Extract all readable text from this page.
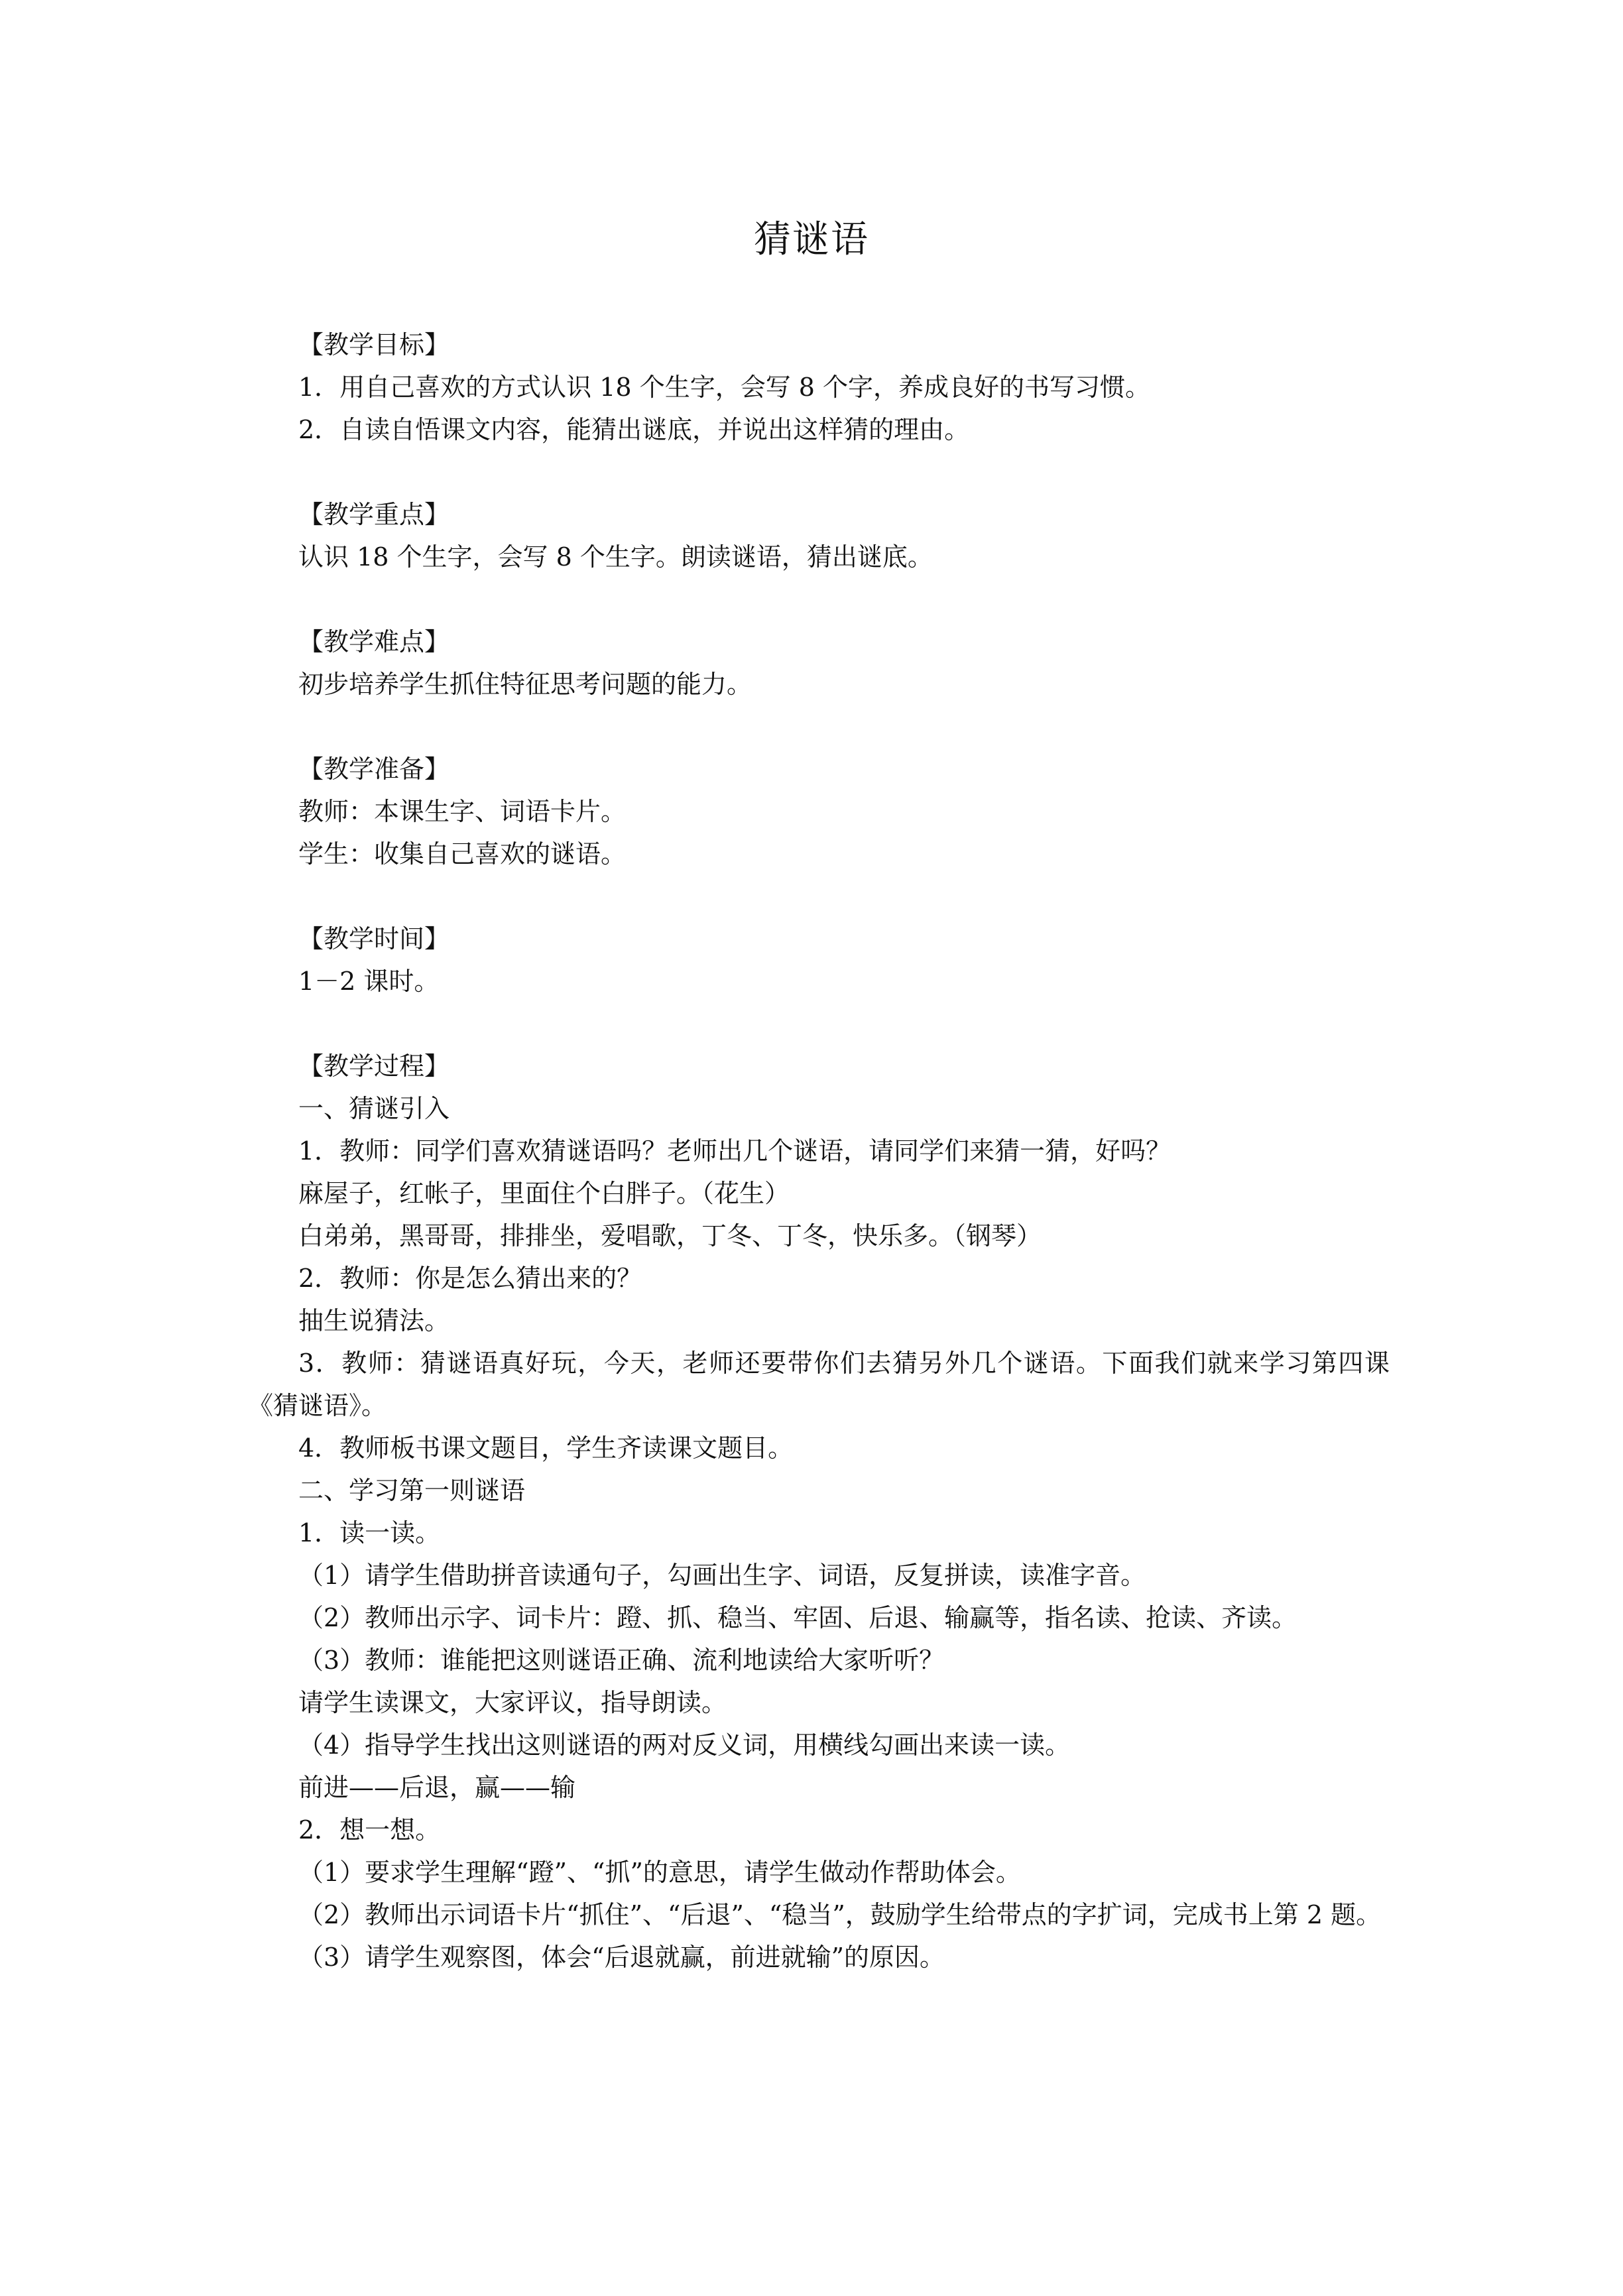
猜谜语

【教学目标】

1．用自己喜欢的方式认识 18 个生字，会写 8 个字，养成良好的书写习惯。

2．自读自悟课文内容，能猜出谜底，并说出这样猜的理由。

【教学重点】

认识 18 个生字，会写 8 个生字。朗读谜语，猜出谜底。

【教学难点】

初步培养学生抓住特征思考问题的能力。

【教学准备】

教师：本课生字、词语卡片。

学生：收集自己喜欢的谜语。

【教学时间】

1－2 课时。

【教学过程】

一、猜谜引入

1．教师：同学们喜欢猜谜语吗？老师出几个谜语，请同学们来猜一猜，好吗？

麻屋子，红帐子，里面住个白胖子。（花生）

白弟弟，黑哥哥，排排坐，爱唱歌，丁冬、丁冬，快乐多。（钢琴）

2．教师：你是怎么猜出来的？

抽生说猜法。

3．教师：猜谜语真好玩，今天，老师还要带你们去猜另外几个谜语。下面我们就来学习第四课《猜谜语》。

4．教师板书课文题目，学生齐读课文题目。

二、学习第一则谜语

1．读一读。

（1）请学生借助拼音读通句子，勾画出生字、词语，反复拼读，读准字音。

（2）教师出示字、词卡片：蹬、抓、稳当、牢固、后退、输赢等，指名读、抢读、齐读。

（3）教师：谁能把这则谜语正确、流利地读给大家听听？

请学生读课文，大家评议，指导朗读。

（4）指导学生找出这则谜语的两对反义词，用横线勾画出来读一读。

前进——后退，赢——输

2．想一想。

（1）要求学生理解“蹬”、“抓”的意思，请学生做动作帮助体会。

（2）教师出示词语卡片“抓住”、“后退”、“稳当”，鼓励学生给带点的字扩词，完成书上第 2 题。

（3）请学生观察图，体会“后退就赢，前进就输”的原因。
